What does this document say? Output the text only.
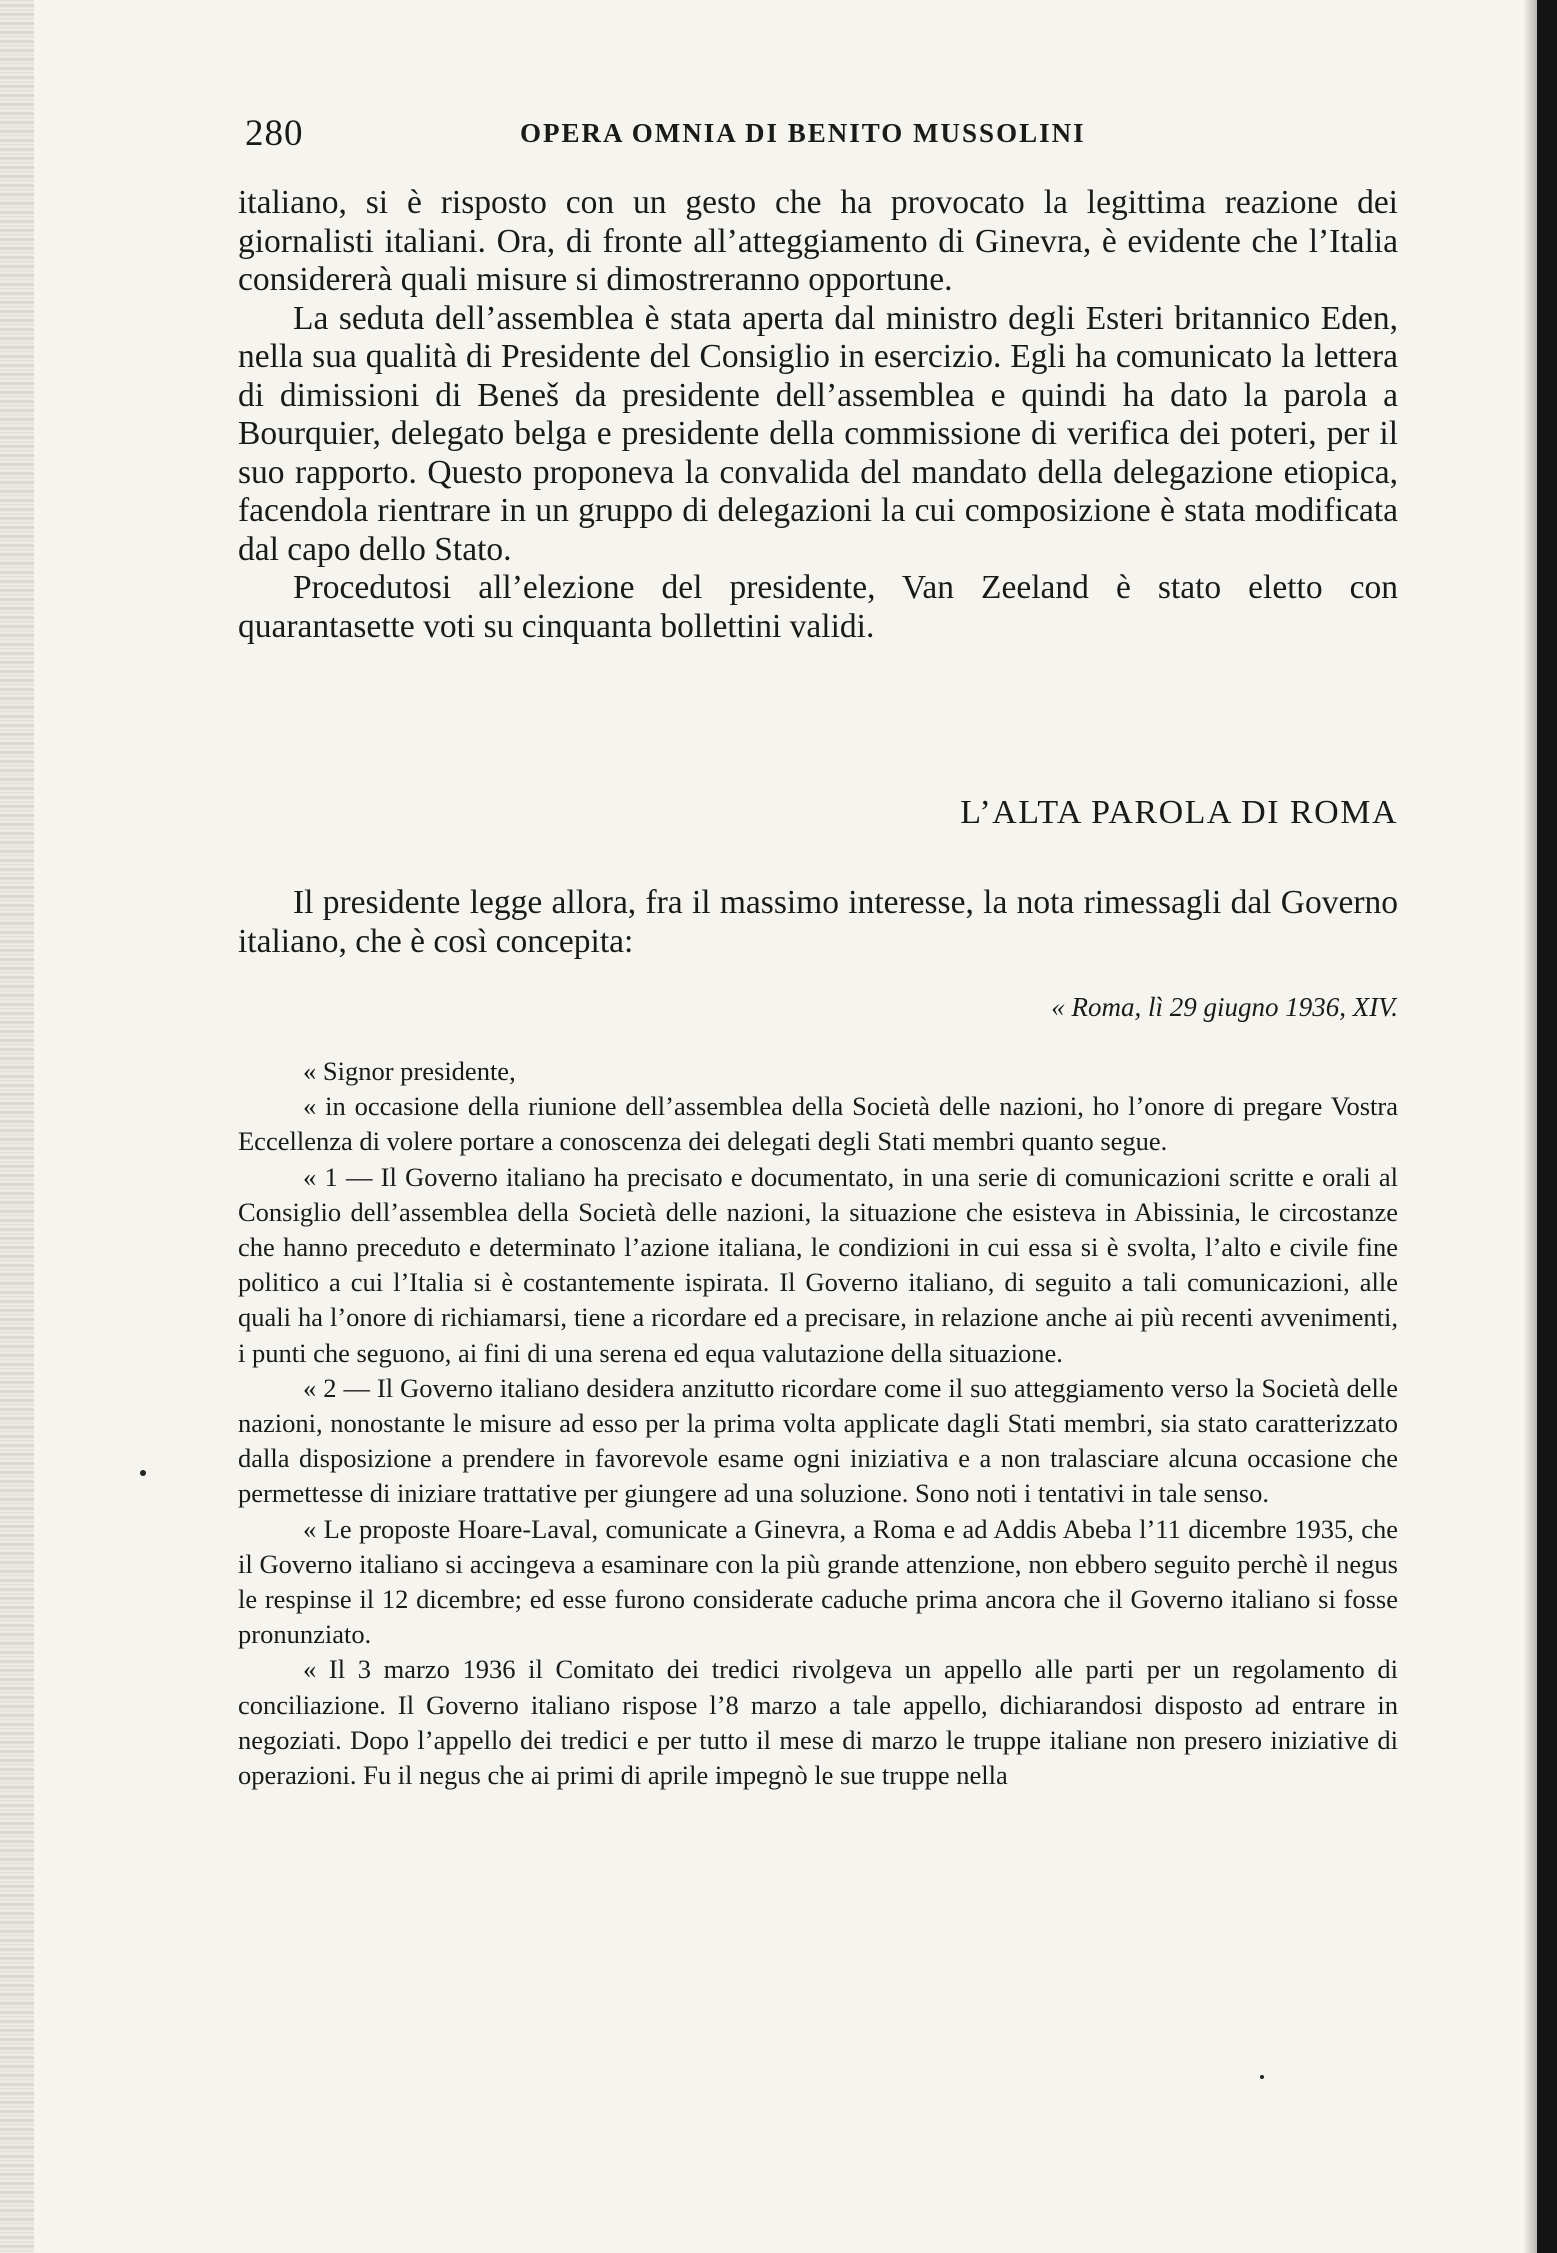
280	OPERA OMNIA DI BENITO MUSSOLINI

italiano, si è risposto con un gesto che ha provocato la legittima reazione dei giornalisti italiani. Ora, di fronte all’atteggiamento di Ginevra, è evidente che l’Italia considererà quali misure si dimostreranno opportune.

La seduta dell’assemblea è stata aperta dal ministro degli Esteri britannico Eden, nella sua qualità di Presidente del Consiglio in esercizio. Egli ha comunicato la lettera di dimissioni di Beneš da presidente dell’assemblea e quindi ha dato la parola a Bourquier, delegato belga e presidente della commissione di verifica dei poteri, per il suo rapporto. Questo proponeva la convalida del mandato della delegazione etiopica, facendola rientrare in un gruppo di delegazioni la cui composizione è stata modificata dal capo dello Stato.

Procedutosi all’elezione del presidente, Van Zeeland è stato eletto con quarantasette voti su cinquanta bollettini validi.

L’ALTA PAROLA DI ROMA

Il presidente legge allora, fra il massimo interesse, la nota rimessagli dal Governo italiano, che è così concepita:

« Roma, lì 29 giugno 1936, XIV.

« Signor presidente,

« in occasione della riunione dell’assemblea della Società delle nazioni, ho l’onore di pregare Vostra Eccellenza di volere portare a conoscenza dei delegati degli Stati membri quanto segue.

« 1 — Il Governo italiano ha precisato e documentato, in una serie di comunicazioni scritte e orali al Consiglio dell’assemblea della Società delle nazioni, la situazione che esisteva in Abissinia, le circostanze che hanno preceduto e determinato l’azione italiana, le condizioni in cui essa si è svolta, l’alto e civile fine politico a cui l’Italia si è costantemente ispirata. Il Governo italiano, di seguito a tali comunicazioni, alle quali ha l’onore di richiamarsi, tiene a ricordare ed a precisare, in relazione anche ai più recenti avvenimenti, i punti che seguono, ai fini di una serena ed equa valutazione della situazione.

« 2 — Il Governo italiano desidera anzitutto ricordare come il suo atteggiamento verso la Società delle nazioni, nonostante le misure ad esso per la prima volta applicate dagli Stati membri, sia stato caratterizzato dalla disposizione a prendere in favorevole esame ogni iniziativa e a non tralasciare alcuna occasione che permettesse di iniziare trattative per giungere ad una soluzione. Sono noti i tentativi in tale senso.

« Le proposte Hoare-Laval, comunicate a Ginevra, a Roma e ad Addis Abeba l’11 dicembre 1935, che il Governo italiano si accingeva a esaminare con la più grande attenzione, non ebbero seguito perchè il negus le respinse il 12 dicembre; ed esse furono considerate caduche prima ancora che il Governo italiano si fosse pronunziato.

« Il 3 marzo 1936 il Comitato dei tredici rivolgeva un appello alle parti per un regolamento di conciliazione. Il Governo italiano rispose l’8 marzo a tale appello, dichiarandosi disposto ad entrare in negoziati. Dopo l’appello dei tredici e per tutto il mese di marzo le truppe italiane non presero iniziative di operazioni. Fu il negus che ai primi di aprile impegnò le sue truppe nella
